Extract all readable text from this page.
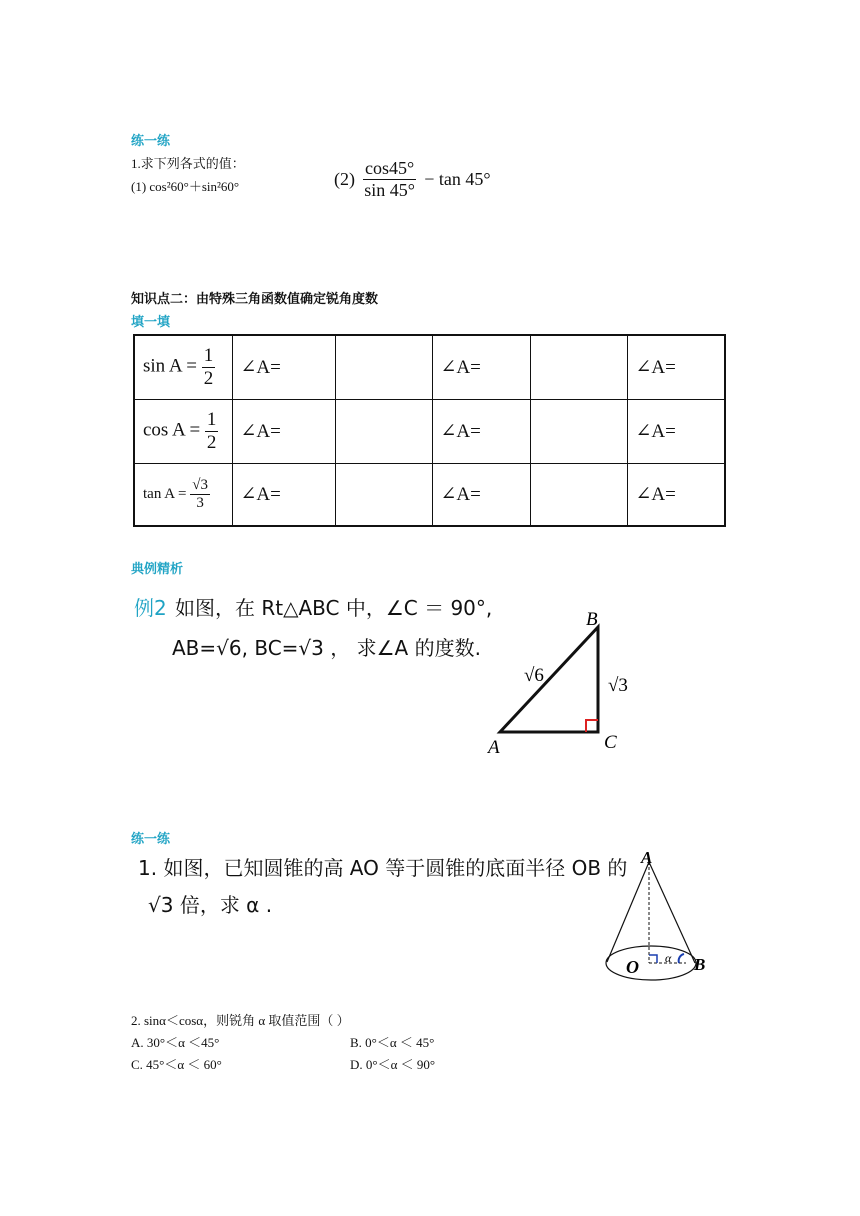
练一练
1.求下列各式的值：
(1) cos²60°＋sin²60°	$(2) \frac{\cos 45^\circ}{\sin 45^\circ} - \tan 45^\circ$
知识点二：由特殊三角函数值确定锐角度数
填一填
$\sin A = \frac{1}{2}$	∠A=		∠A=		∠A=
$\cos A = \frac{1}{2}$	∠A=		∠A=		∠A=
$\tan A = \frac{√3}{3}$	∠A=		∠A=		∠A=
典例精析
例2 如图，在 Rt△ABC 中，∠C ＝ 90°,
AB=√6, BC=√3 ， 求∠A 的度数.
A
B
C
√6	√3
练一练
1. 如图，已知圆锥的高 AO 等于圆锥的底面半径 OB 的
√3 倍，求 α .
A
O	B
α
2. sinα＜cosα，则锐角 α 取值范围（ ）
A. 30°＜α ＜45°	B. 0°＜α ＜ 45°
C. 45°＜α ＜ 60°	D. 0°＜α ＜ 90°
